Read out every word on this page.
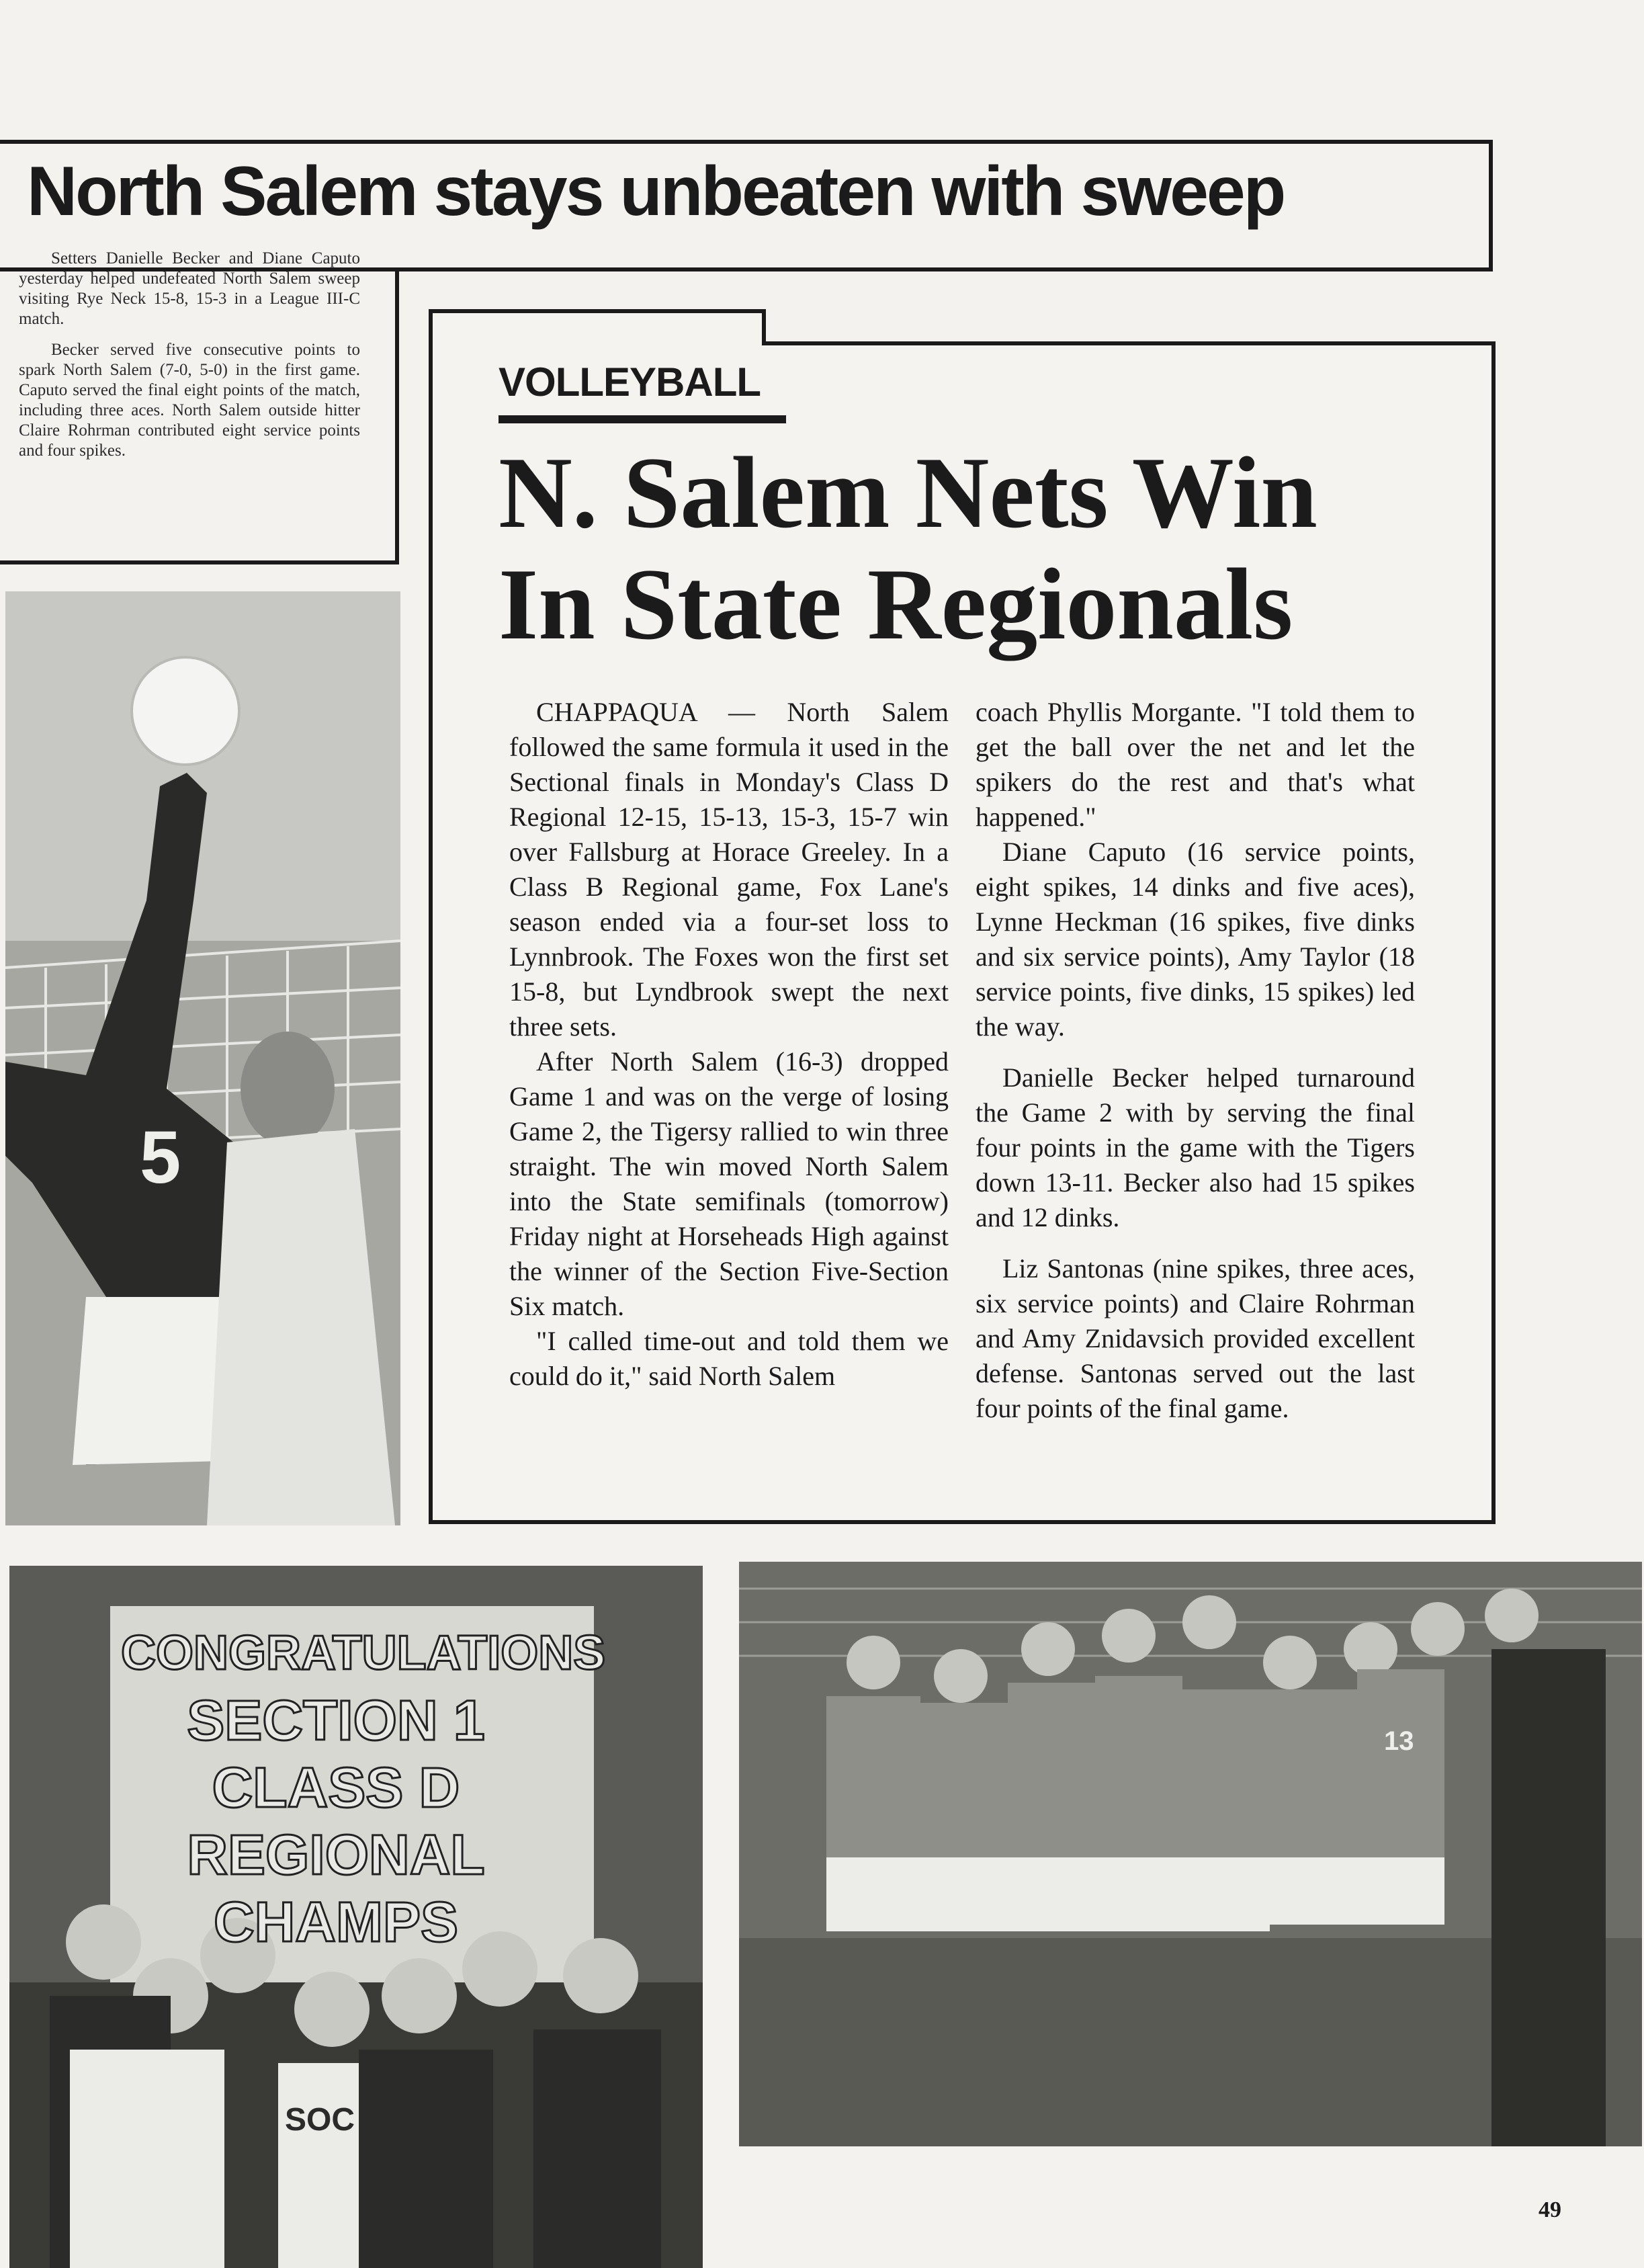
North Salem stays unbeaten with sweep

Setters Danielle Becker and Diane Caputo yesterday helped undefeated North Salem sweep visiting Rye Neck 15-8, 15-3 in a League III-C match.

Becker served five consecutive points to spark North Salem (7-0, 5-0) in the first game. Caputo served the final eight points of the match, including three aces. North Salem outside hitter Claire Rohrman contributed eight service points and four spikes.

5
VOLLEYBALL
N. Salem Nets Win
In State Regionals

CHAPPAQUA — North Salem followed the same formula it used in the Sectional finals in Monday's Class D Regional 12-15, 15-13, 15-3, 15-7 win over Fallsburg at Horace Greeley. In a Class B Regional game, Fox Lane's season ended via a four-set loss to Lynnbrook. The Foxes won the first set 15-8, but Lyndbrook swept the next three sets.

After North Salem (16-3) dropped Game 1 and was on the verge of losing Game 2, the Tigersy rallied to win three straight. The win moved North Salem into the State semifinals (tomorrow) Friday night at Horseheads High against the winner of the Section Five-Section Six match.

"I called time-out and told them we could do it," said North Salem

coach Phyllis Morgante. "I told them to get the ball over the net and let the spikers do the rest and that's what happened."

Diane Caputo (16 service points, eight spikes, 14 dinks and five aces), Lynne Heckman (16 spikes, five dinks and six service points), Amy Taylor (18 service points, five dinks, 15 spikes) led the way.

Danielle Becker helped turnaround the Game 2 with by serving the final four points in the game with the Tigers down 13-11. Becker also had 15 spikes and 12 dinks.

Liz Santonas (nine spikes, three aces, six service points) and Claire Rohrman and Amy Znidavsich provided excellent defense. Santonas served out the last four points of the final game.

SOC
CONGRATULATIONS
SECTION 1
CLASS D
REGIONAL
CHAMPS
13
49
